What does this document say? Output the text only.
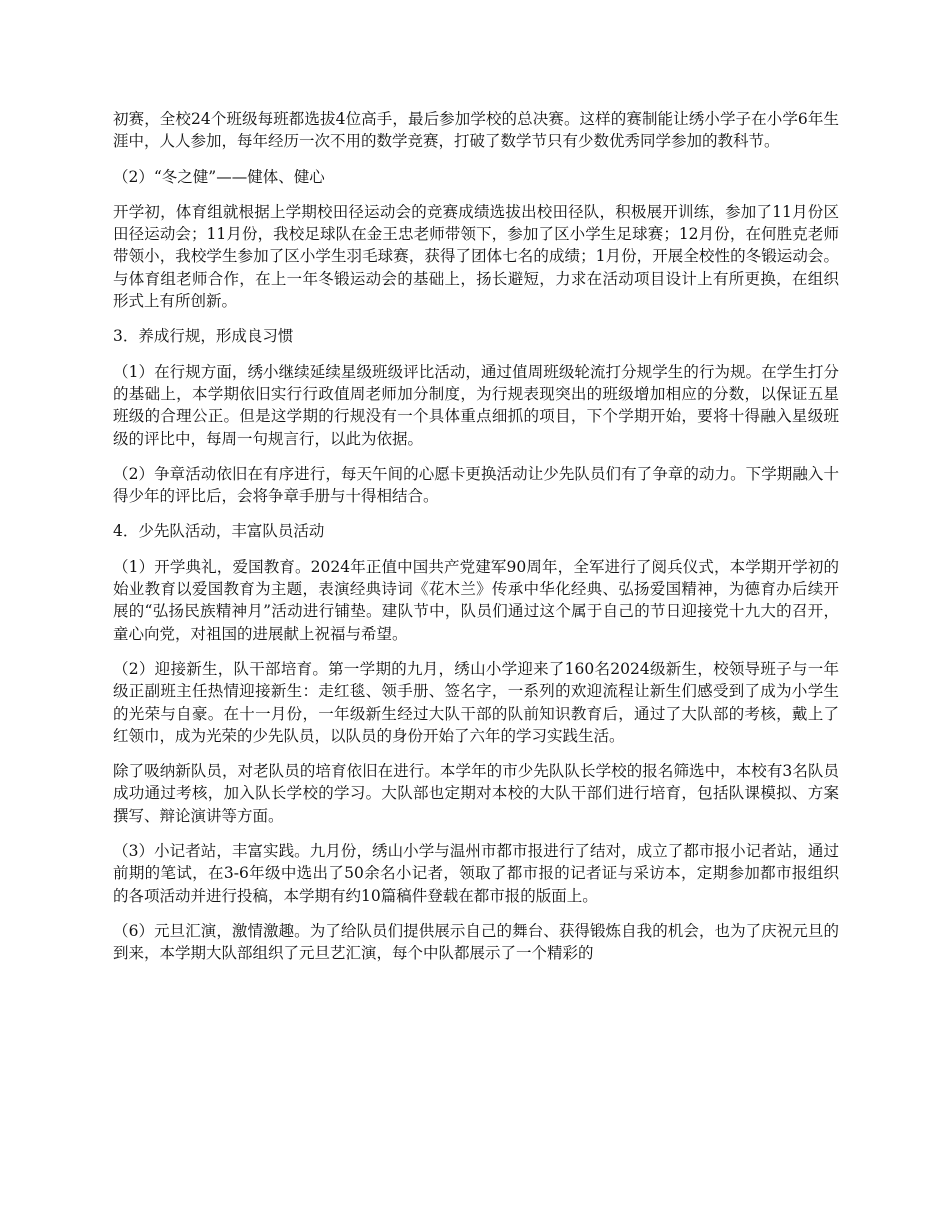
初赛，全校24个班级每班都选拔4位高手，最后参加学校的总决赛。这样的赛制能让绣小学子在小学6年生涯中，人人参加，每年经历一次不用的数学竞赛，打破了数学节只有少数优秀同学参加的教科节。

（2）“冬之健”——健体、健心

开学初，体育组就根据上学期校田径运动会的竞赛成绩选拔出校田径队，积极展开训练，参加了11月份区田径运动会；11月份，我校足球队在金王忠老师带领下，参加了区小学生足球赛；12月份，在何胜克老师带领小，我校学生参加了区小学生羽毛球赛，获得了团体七名的成绩；1月份，开展全校性的冬锻运动会。与体育组老师合作，在上一年冬锻运动会的基础上，扬长避短，力求在活动项目设计上有所更换，在组织形式上有所创新。

3．养成行规，形成良习惯

（1）在行规方面，绣小继续延续星级班级评比活动，通过值周班级轮流打分规学生的行为规。在学生打分的基础上，本学期依旧实行行政值周老师加分制度，为行规表现突出的班级增加相应的分数，以保证五星班级的合理公正。但是这学期的行规没有一个具体重点细抓的项目，下个学期开始，要将十得融入星级班级的评比中，每周一句规言行，以此为依据。

（2）争章活动依旧在有序进行，每天午间的心愿卡更换活动让少先队员们有了争章的动力。下学期融入十得少年的评比后，会将争章手册与十得相结合。

4．少先队活动，丰富队员活动

（1）开学典礼，爱国教育。2024年正值中国共产党建军90周年，全军进行了阅兵仪式，本学期开学初的始业教育以爱国教育为主题，表演经典诗词《花木兰》传承中华化经典、弘扬爱国精神，为德育办后续开展的“弘扬民族精神月”活动进行铺垫。建队节中，队员们通过这个属于自己的节日迎接党十九大的召开，童心向党，对祖国的进展献上祝福与希望。

（2）迎接新生，队干部培育。第一学期的九月，绣山小学迎来了160名2024级新生，校领导班子与一年级正副班主任热情迎接新生：走红毯、领手册、签名字，一系列的欢迎流程让新生们感受到了成为小学生的光荣与自豪。在十一月份，一年级新生经过大队干部的队前知识教育后，通过了大队部的考核，戴上了红领巾，成为光荣的少先队员，以队员的身份开始了六年的学习实践生活。

除了吸纳新队员，对老队员的培育依旧在进行。本学年的市少先队队长学校的报名筛选中，本校有3名队员成功通过考核，加入队长学校的学习。大队部也定期对本校的大队干部们进行培育，包括队课模拟、方案撰写、辩论演讲等方面。

（3）小记者站，丰富实践。九月份，绣山小学与温州市都市报进行了结对，成立了都市报小记者站，通过前期的笔试，在3-6年级中选出了50余名小记者，领取了都市报的记者证与采访本，定期参加都市报组织的各项活动并进行投稿，本学期有约10篇稿件登载在都市报的版面上。

（6）元旦汇演，激情激趣。为了给队员们提供展示自己的舞台、获得锻炼自我的机会，也为了庆祝元旦的到来，本学期大队部组织了元旦艺汇演，每个中队都展示了一个精彩的
